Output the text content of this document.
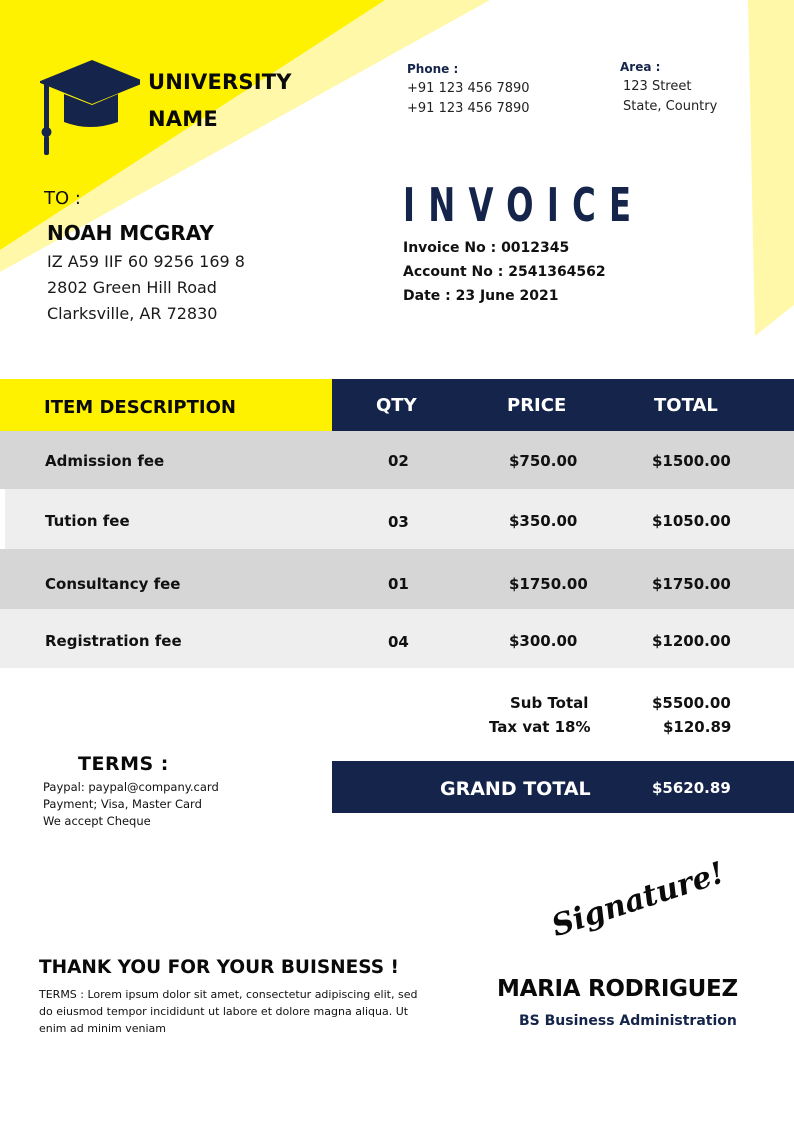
UNIVERSITY
NAME
Phone :
+91 123 456 7890
+91 123 456 7890
Area :
123 Street
State, Country
TO :
NOAH MCGRAY
IZ A59 IIF 60 9256 169 8
2802 Green Hill Road
Clarksville, AR 72830
INVOICE
Invoice No : 0012345
Account No : 2541364562
Date : 23 June 2021
ITEM DESCRIPTION	QTY	PRICE	TOTAL
Admission fee	02	$750.00	$1500.00
Tution fee	03	$350.00	$1050.00
Consultancy fee	01	$1750.00	$1750.00
Registration fee	04	$300.00	$1200.00
Sub Total	$5500.00
Tax vat 18%	$120.89
GRAND TOTAL	$5620.89
TERMS :
Paypal: paypal@company.card
Payment; Visa, Master Card
We accept Cheque
THANK YOU FOR YOUR BUISNESS !
TERMS : Lorem ipsum dolor sit amet, consectetur adipiscing elit, sed do eiusmod tempor incididunt ut labore et dolore magna aliqua. Ut enim ad minim veniam
Signature!
MARIA RODRIGUEZ
BS Business Administration
